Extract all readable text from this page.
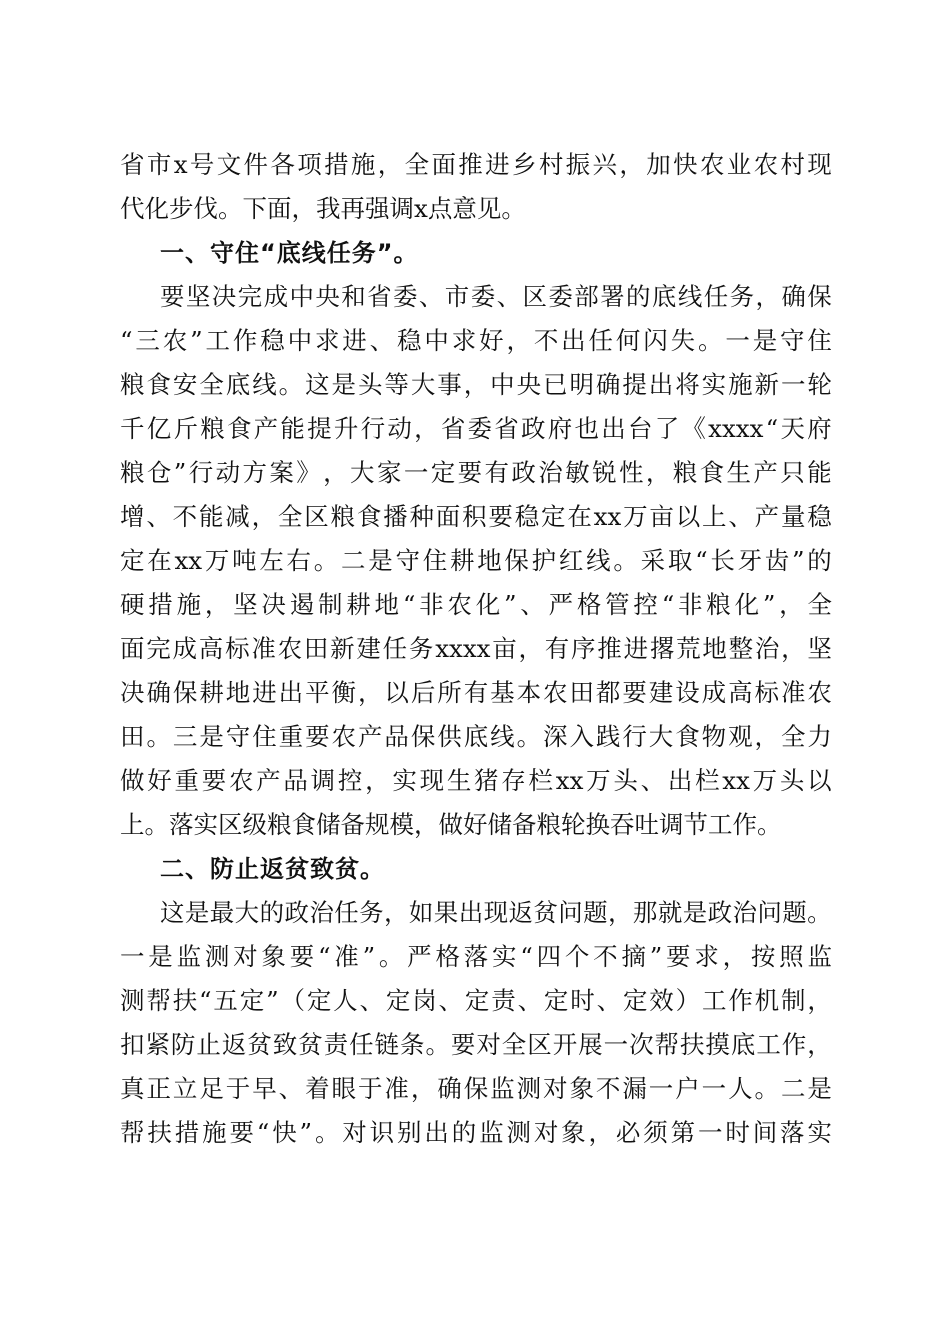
省 市 x 号 文 件 各 项 措 施 ， 全 面 推 进 乡 村 振 兴 ， 加 快 农 业 农 村 现
代化步伐。下面，我再强调x点意见。
一、守住“底线任务”。
要 坚 决 完 成 中 央 和 省 委 、 市 委 、 区 委 部 署 的 底 线 任 务 ， 确 保
“ 三 农 ” 工 作 稳 中 求 进 、 稳 中 求 好 ， 不 出 任 何 闪 失 。 一 是 守 住
粮 食 安 全 底 线 。 这 是 头 等 大 事 ， 中 央 已 明 确 提 出 将 实 施 新 一 轮
千 亿 斤 粮 食 产 能 提 升 行 动 ， 省 委 省 政 府 也 出 台 了 《 xxxx “ 天 府
粮 仓 ” 行 动 方 案 》 ， 大 家 一 定 要 有 政 治 敏 锐 性 ， 粮 食 生 产 只 能
增 、 不 能 减 ， 全 区 粮 食 播 种 面 积 要 稳 定 在 xx 万 亩 以 上 、 产 量 稳
定 在 xx 万 吨 左 右 。 二 是 守 住 耕 地 保 护 红 线 。 采 取 “ 长 牙 齿 ” 的
硬 措 施 ， 坚 决 遏 制 耕 地 “ 非 农 化 ” 、 严 格 管 控 “ 非 粮 化 ” ， 全
面 完 成 高 标 准 农 田 新 建 任 务 xxxx 亩 ， 有 序 推 进 撂 荒 地 整 治 ， 坚
决 确 保 耕 地 进 出 平 衡 ， 以 后 所 有 基 本 农 田 都 要 建 设 成 高 标 准 农
田 。 三 是 守 住 重 要 农 产 品 保 供 底 线 。 深 入 践 行 大 食 物 观 ， 全 力
做 好 重 要 农 产 品 调 控 ， 实 现 生 猪 存 栏 xx 万 头 、 出 栏 xx 万 头 以
上。落实区级粮食储备规模，做好储备粮轮换吞吐调节工作。
二、防止返贫致贫。
这 是 最 大 的 政 治 任 务 ， 如 果 出 现 返 贫 问 题 ， 那 就 是 政 治 问 题 。
一 是 监 测 对 象 要 “ 准 ” 。 严 格 落 实 “ 四 个 不 摘 ” 要 求 ， 按 照 监
测 帮 扶 “ 五 定 ” （ 定 人 、 定 岗 、 定 责 、 定 时 、 定 效 ） 工 作 机 制 ，
扣 紧 防 止 返 贫 致 贫 责 任 链 条 。 要 对 全 区 开 展 一 次 帮 扶 摸 底 工 作 ，
真 正 立 足 于 早 、 着 眼 于 准 ， 确 保 监 测 对 象 不 漏 一 户 一 人 。 二 是
帮 扶 措 施 要 “ 快 ” 。 对 识 别 出 的 监 测 对 象 ， 必 须 第 一 时 间 落 实
